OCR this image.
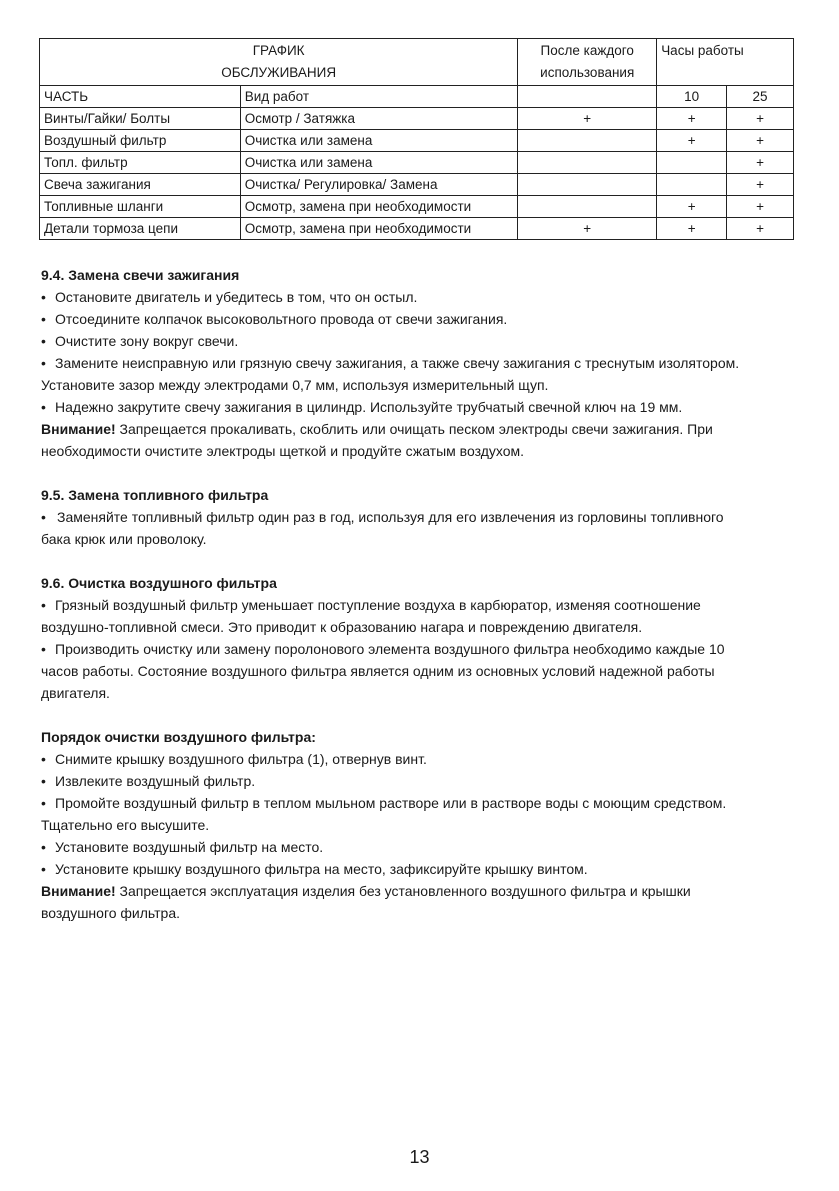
ГРАФИК
ОБСЛУЖИВАНИЯ		После каждого
использования	Часы работы	
ЧАСТЬ	Вид работ		10	25
Винты/Гайки/ Болты	Осмотр / Затяжка	+	+	+
Воздушный фильтр	Очистка или замена		+	+
Топл. фильтр	Очистка или замена			+
Свеча зажигания	Очистка/ Регулировка/ Замена			+
Топливные шланги	Осмотр, замена при необходимости		+	+
Детали тормоза цепи	Осмотр, замена при необходимости	+	+	+
9.4. Замена свечи зажигания

• Остановите двигатель и убедитесь в том, что он остыл.

• Отсоедините колпачок высоковольтного провода от свечи зажигания.

• Очистите зону вокруг свечи.

• Замените неисправную или грязную свечу зажигания, а также свечу зажигания с треснутым изолятором.

Установите зазор между электродами 0,7 мм, используя измерительный щуп.

• Надежно закрутите свечу зажигания в цилиндр. Используйте трубчатый свечной ключ на 19 мм.

Внимание! Запрещается прокаливать, скоблить или очищать песком электроды свечи зажигания. При

необходимости очистите электроды щеткой и продуйте сжатым воздухом.

9.5. Замена топливного фильтра

• Заменяйте топливный фильтр один раз в год, используя для его извлечения из горловины топливного

бака крюк или проволоку.

9.6. Очистка воздушного фильтра

• Грязный воздушный фильтр уменьшает поступление воздуха в карбюратор, изменяя соотношение

воздушно-топливной смеси. Это приводит к образованию нагара и повреждению двигателя.

• Производить очистку или замену поролонового элемента воздушного фильтра необходимо каждые 10

часов работы. Состояние воздушного фильтра является одним из основных условий надежной работы

двигателя.

Порядок очистки воздушного фильтра:

• Снимите крышку воздушного фильтра (1), отвернув винт.

• Извлеките воздушный фильтр.

• Промойте воздушный фильтр в теплом мыльном растворе или в растворе воды с моющим средством.

Тщательно его высушите.

• Установите воздушный фильтр на место.

• Установите крышку воздушного фильтра на место, зафиксируйте крышку винтом.

Внимание! Запрещается эксплуатация изделия без установленного воздушного фильтра и крышки

воздушного фильтра.

13
